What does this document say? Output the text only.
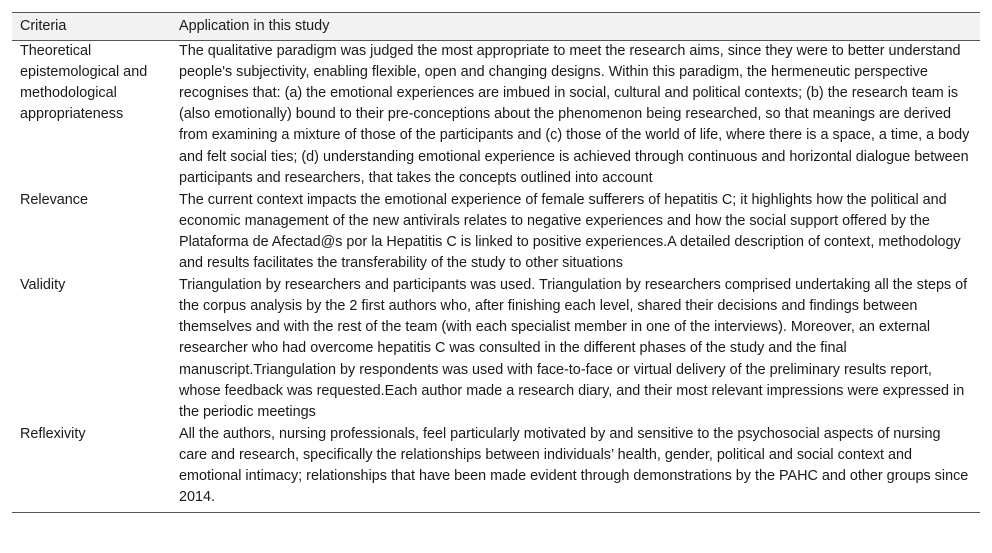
Criteria	Application in this study
Theoretical epistemological and methodological appropriateness	The qualitative paradigm was judged the most appropriate to meet the research aims, since they were to better understand people's subjectivity, enabling flexible, open and changing designs. Within this paradigm, the hermeneutic perspective recognises that: (a) the emotional experiences are imbued in social, cultural and political contexts; (b) the research team is (also emotionally) bound to their pre-conceptions about the phenomenon being researched, so that meanings are derived from examining a mixture of those of the participants and (c) those of the world of life, where there is a space, a time, a body and felt social ties; (d) understanding emotional experience is achieved through continuous and horizontal dialogue between participants and researchers, that takes the concepts outlined into account
Relevance	The current context impacts the emotional experience of female sufferers of hepatitis C; it highlights how the political and economic management of the new antivirals relates to negative experiences and how the social support offered by the Plataforma de Afectad@s por la Hepatitis C is linked to positive experiences.A detailed description of context, methodology and results facilitates the transferability of the study to other situations
Validity	Triangulation by researchers and participants was used. Triangulation by researchers comprised undertaking all the steps of the corpus analysis by the 2 first authors who, after finishing each level, shared their decisions and findings between themselves and with the rest of the team (with each specialist member in one of the interviews). Moreover, an external researcher who had overcome hepatitis C was consulted in the different phases of the study and the final manuscript.Triangulation by respondents was used with face-to-face or virtual delivery of the preliminary results report, whose feedback was requested.Each author made a research diary, and their most relevant impressions were expressed in the periodic meetings
Reflexivity	All the authors, nursing professionals, feel particularly motivated by and sensitive to the psychosocial aspects of nursing care and research, specifically the relationships between individuals’ health, gender, political and social context and emotional intimacy; relationships that have been made evident through demonstrations by the PAHC and other groups since 2014.
